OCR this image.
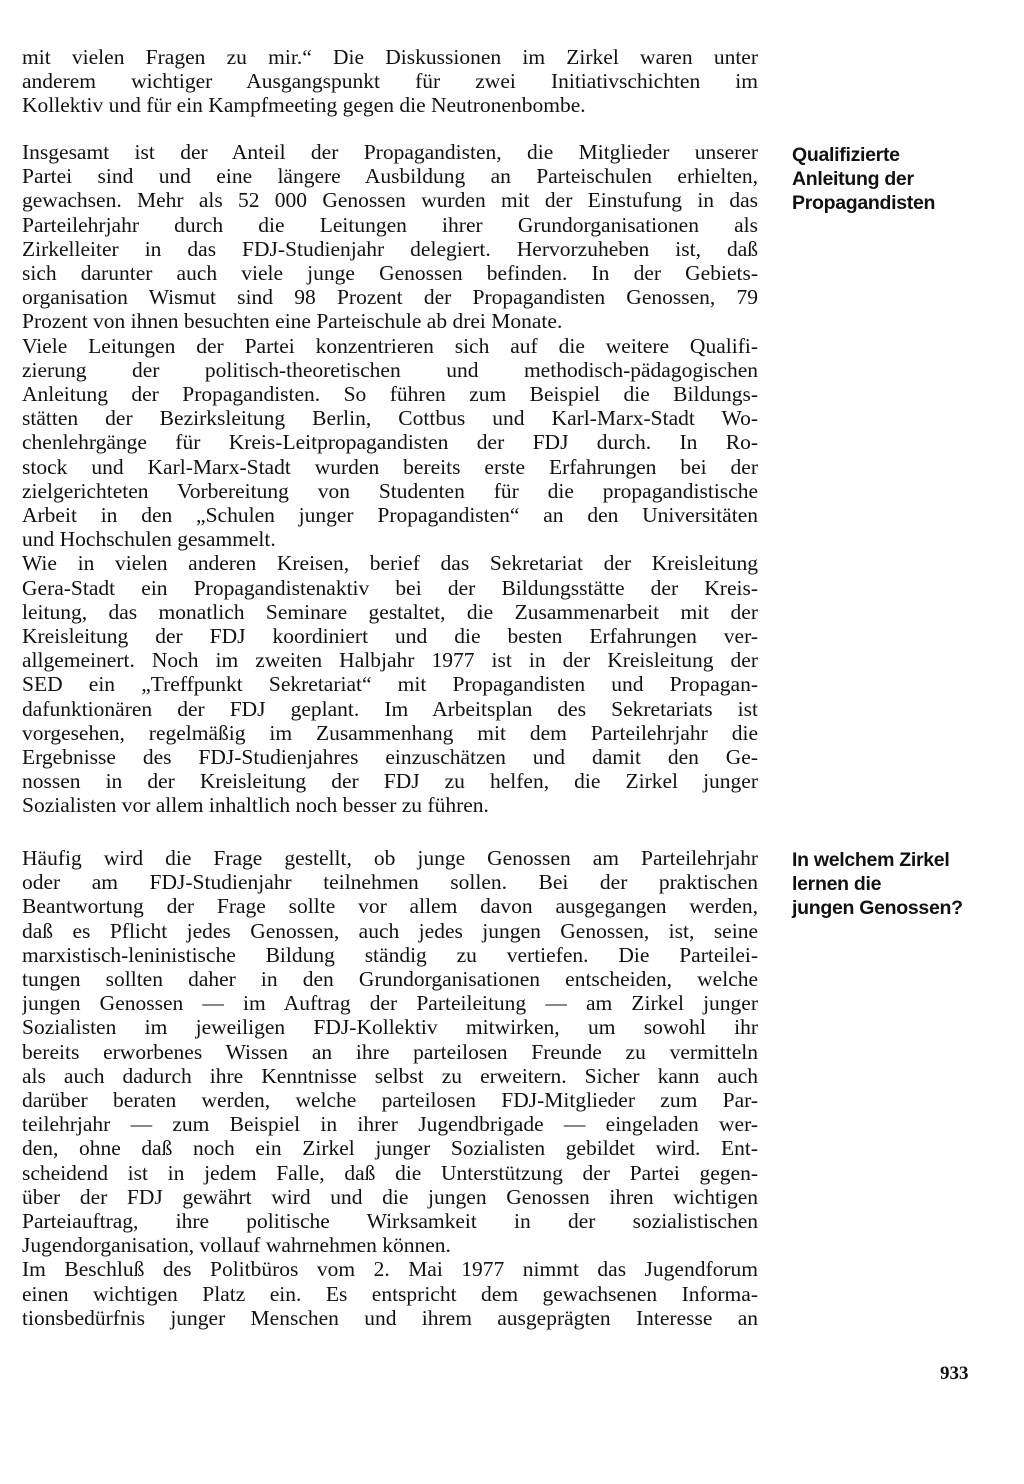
mit vielen Fragen zu mir.“ Die Diskussionen im Zirkel waren unter
anderem wichtiger Ausgangspunkt für zwei Initiativschichten im
Kollektiv und für ein Kampfmeeting gegen die Neutronenbombe.

Insgesamt ist der Anteil der Propagandisten, die Mitglieder unserer
Partei sind und eine längere Ausbildung an Parteischulen erhielten,
gewachsen. Mehr als 52 000 Genossen wurden mit der Einstufung in das
Parteilehrjahr durch die Leitungen ihrer Grundorganisationen als
Zirkelleiter in das FDJ-Studienjahr delegiert. Hervorzuheben ist, daß
sich darunter auch viele junge Genossen befinden. In der Gebiets-
organisation Wismut sind 98 Prozent der Propagandisten Genossen, 79
Prozent von ihnen besuchten eine Parteischule ab drei Monate.

Viele Leitungen der Partei konzentrieren sich auf die weitere Qualifi-
zierung der politisch-theoretischen und methodisch-pädagogischen
Anleitung der Propagandisten. So führen zum Beispiel die Bildungs-
stätten der Bezirksleitung Berlin, Cottbus und Karl-Marx-Stadt Wo-
chenlehrgänge für Kreis-Leitpropagandisten der FDJ durch. In Ro-
stock und Karl-Marx-Stadt wurden bereits erste Erfahrungen bei der
zielgerichteten Vorbereitung von Studenten für die propagandistische
Arbeit in den „Schulen junger Propagandisten“ an den Universitäten
und Hochschulen gesammelt.

Wie in vielen anderen Kreisen, berief das Sekretariat der Kreisleitung
Gera-Stadt ein Propagandistenaktiv bei der Bildungsstätte der Kreis-
leitung, das monatlich Seminare gestaltet, die Zusammenarbeit mit der
Kreisleitung der FDJ koordiniert und die besten Erfahrungen ver-
allgemeinert. Noch im zweiten Halbjahr 1977 ist in der Kreisleitung der
SED ein „Treffpunkt Sekretariat“ mit Propagandisten und Propagan-
dafunktionären der FDJ geplant. Im Arbeitsplan des Sekretariats ist
vorgesehen, regelmäßig im Zusammenhang mit dem Parteilehrjahr die
Ergebnisse des FDJ-Studienjahres einzuschätzen und damit den Ge-
nossen in der Kreisleitung der FDJ zu helfen, die Zirkel junger
Sozialisten vor allem inhaltlich noch besser zu führen.

Häufig wird die Frage gestellt, ob junge Genossen am Parteilehrjahr
oder am FDJ-Studienjahr teilnehmen sollen. Bei der praktischen
Beantwortung der Frage sollte vor allem davon ausgegangen werden,
daß es Pflicht jedes Genossen, auch jedes jungen Genossen, ist, seine
marxistisch-leninistische Bildung ständig zu vertiefen. Die Parteilei-
tungen sollten daher in den Grundorganisationen entscheiden, welche
jungen Genossen — im Auftrag der Parteileitung — am Zirkel junger
Sozialisten im jeweiligen FDJ-Kollektiv mitwirken, um sowohl ihr
bereits erworbenes Wissen an ihre parteilosen Freunde zu vermitteln
als auch dadurch ihre Kenntnisse selbst zu erweitern. Sicher kann auch
darüber beraten werden, welche parteilosen FDJ-Mitglieder zum Par-
teilehrjahr — zum Beispiel in ihrer Jugendbrigade — eingeladen wer-
den, ohne daß noch ein Zirkel junger Sozialisten gebildet wird. Ent-
scheidend ist in jedem Falle, daß die Unterstützung der Partei gegen-
über der FDJ gewährt wird und die jungen Genossen ihren wichtigen
Parteiauftrag, ihre politische Wirksamkeit in der sozialistischen
Jugendorganisation, vollauf wahrnehmen können.

Im Beschluß des Politbüros vom 2. Mai 1977 nimmt das Jugendforum
einen wichtigen Platz ein. Es entspricht dem gewachsenen Informa-
tionsbedürfnis junger Menschen und ihrem ausgeprägten Interesse an

Qualifizierte
Anleitung der
Propagandisten
In welchem Zirkel
lernen die
jungen Genossen?
933
